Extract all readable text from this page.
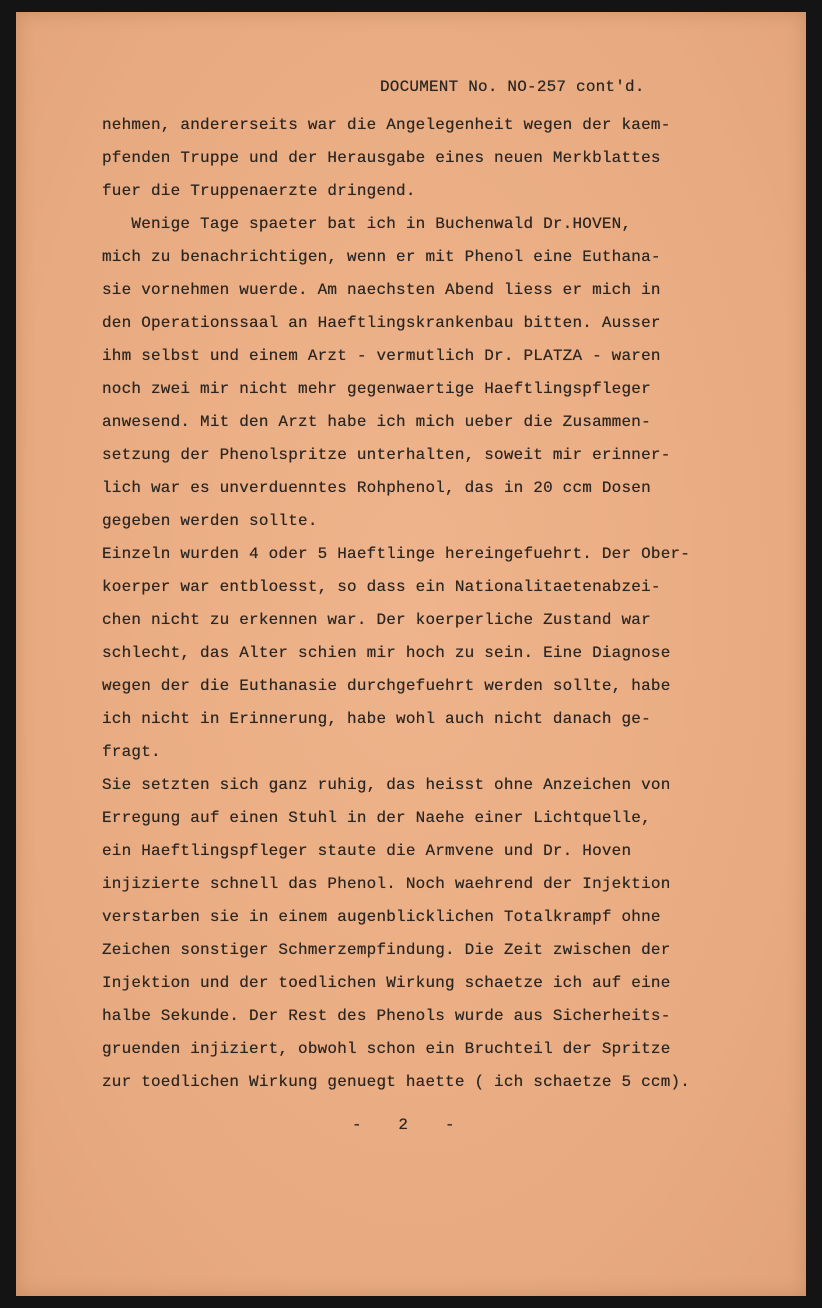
DOCUMENT No. NO-257 cont'd.

nehmen, andererseits war die Angelegenheit wegen der kaem-

pfenden Truppe und der Herausgabe eines neuen Merkblattes

fuer die Truppenaerzte dringend.

Wenige Tage spaeter bat ich in Buchenwald Dr.HOVEN,

mich zu benachrichtigen, wenn er mit Phenol eine Euthana-

sie vornehmen wuerde. Am naechsten Abend liess er mich in

den Operationssaal an Haeftlingskrankenbau bitten. Ausser

ihm selbst und einem Arzt - vermutlich Dr. PLATZA - waren

noch zwei mir nicht mehr gegenwaertige Haeftlingspfleger

anwesend. Mit den Arzt habe ich mich ueber die Zusammen-

setzung der Phenolspritze unterhalten, soweit mir erinner-

lich war es unverduenntes Rohphenol, das in 20 ccm Dosen

gegeben werden sollte.

Einzeln wurden 4 oder 5 Haeftlinge hereingefuehrt. Der Ober-

koerper war entbloesst, so dass ein Nationalitaetenabzei-

chen nicht zu erkennen war. Der koerperliche Zustand war

schlecht, das Alter schien mir hoch zu sein. Eine Diagnose

wegen der die Euthanasie durchgefuehrt werden sollte, habe

ich nicht in Erinnerung, habe wohl auch nicht danach ge-

fragt.

Sie setzten sich ganz ruhig, das heisst ohne Anzeichen von

Erregung auf einen Stuhl in der Naehe einer Lichtquelle,

ein Haeftlingspfleger staute die Armvene und Dr. Hoven

injizierte schnell das Phenol. Noch waehrend der Injektion

verstarben sie in einem augenblicklichen Totalkrampf ohne

Zeichen sonstiger Schmerzempfindung. Die Zeit zwischen der

Injektion und der toedlichen Wirkung schaetze ich auf eine

halbe Sekunde. Der Rest des Phenols wurde aus Sicherheits-

gruenden injiziert, obwohl schon ein Bruchteil der Spritze

zur toedlichen Wirkung genuegt haette ( ich schaetze 5 ccm).

-   2   -
